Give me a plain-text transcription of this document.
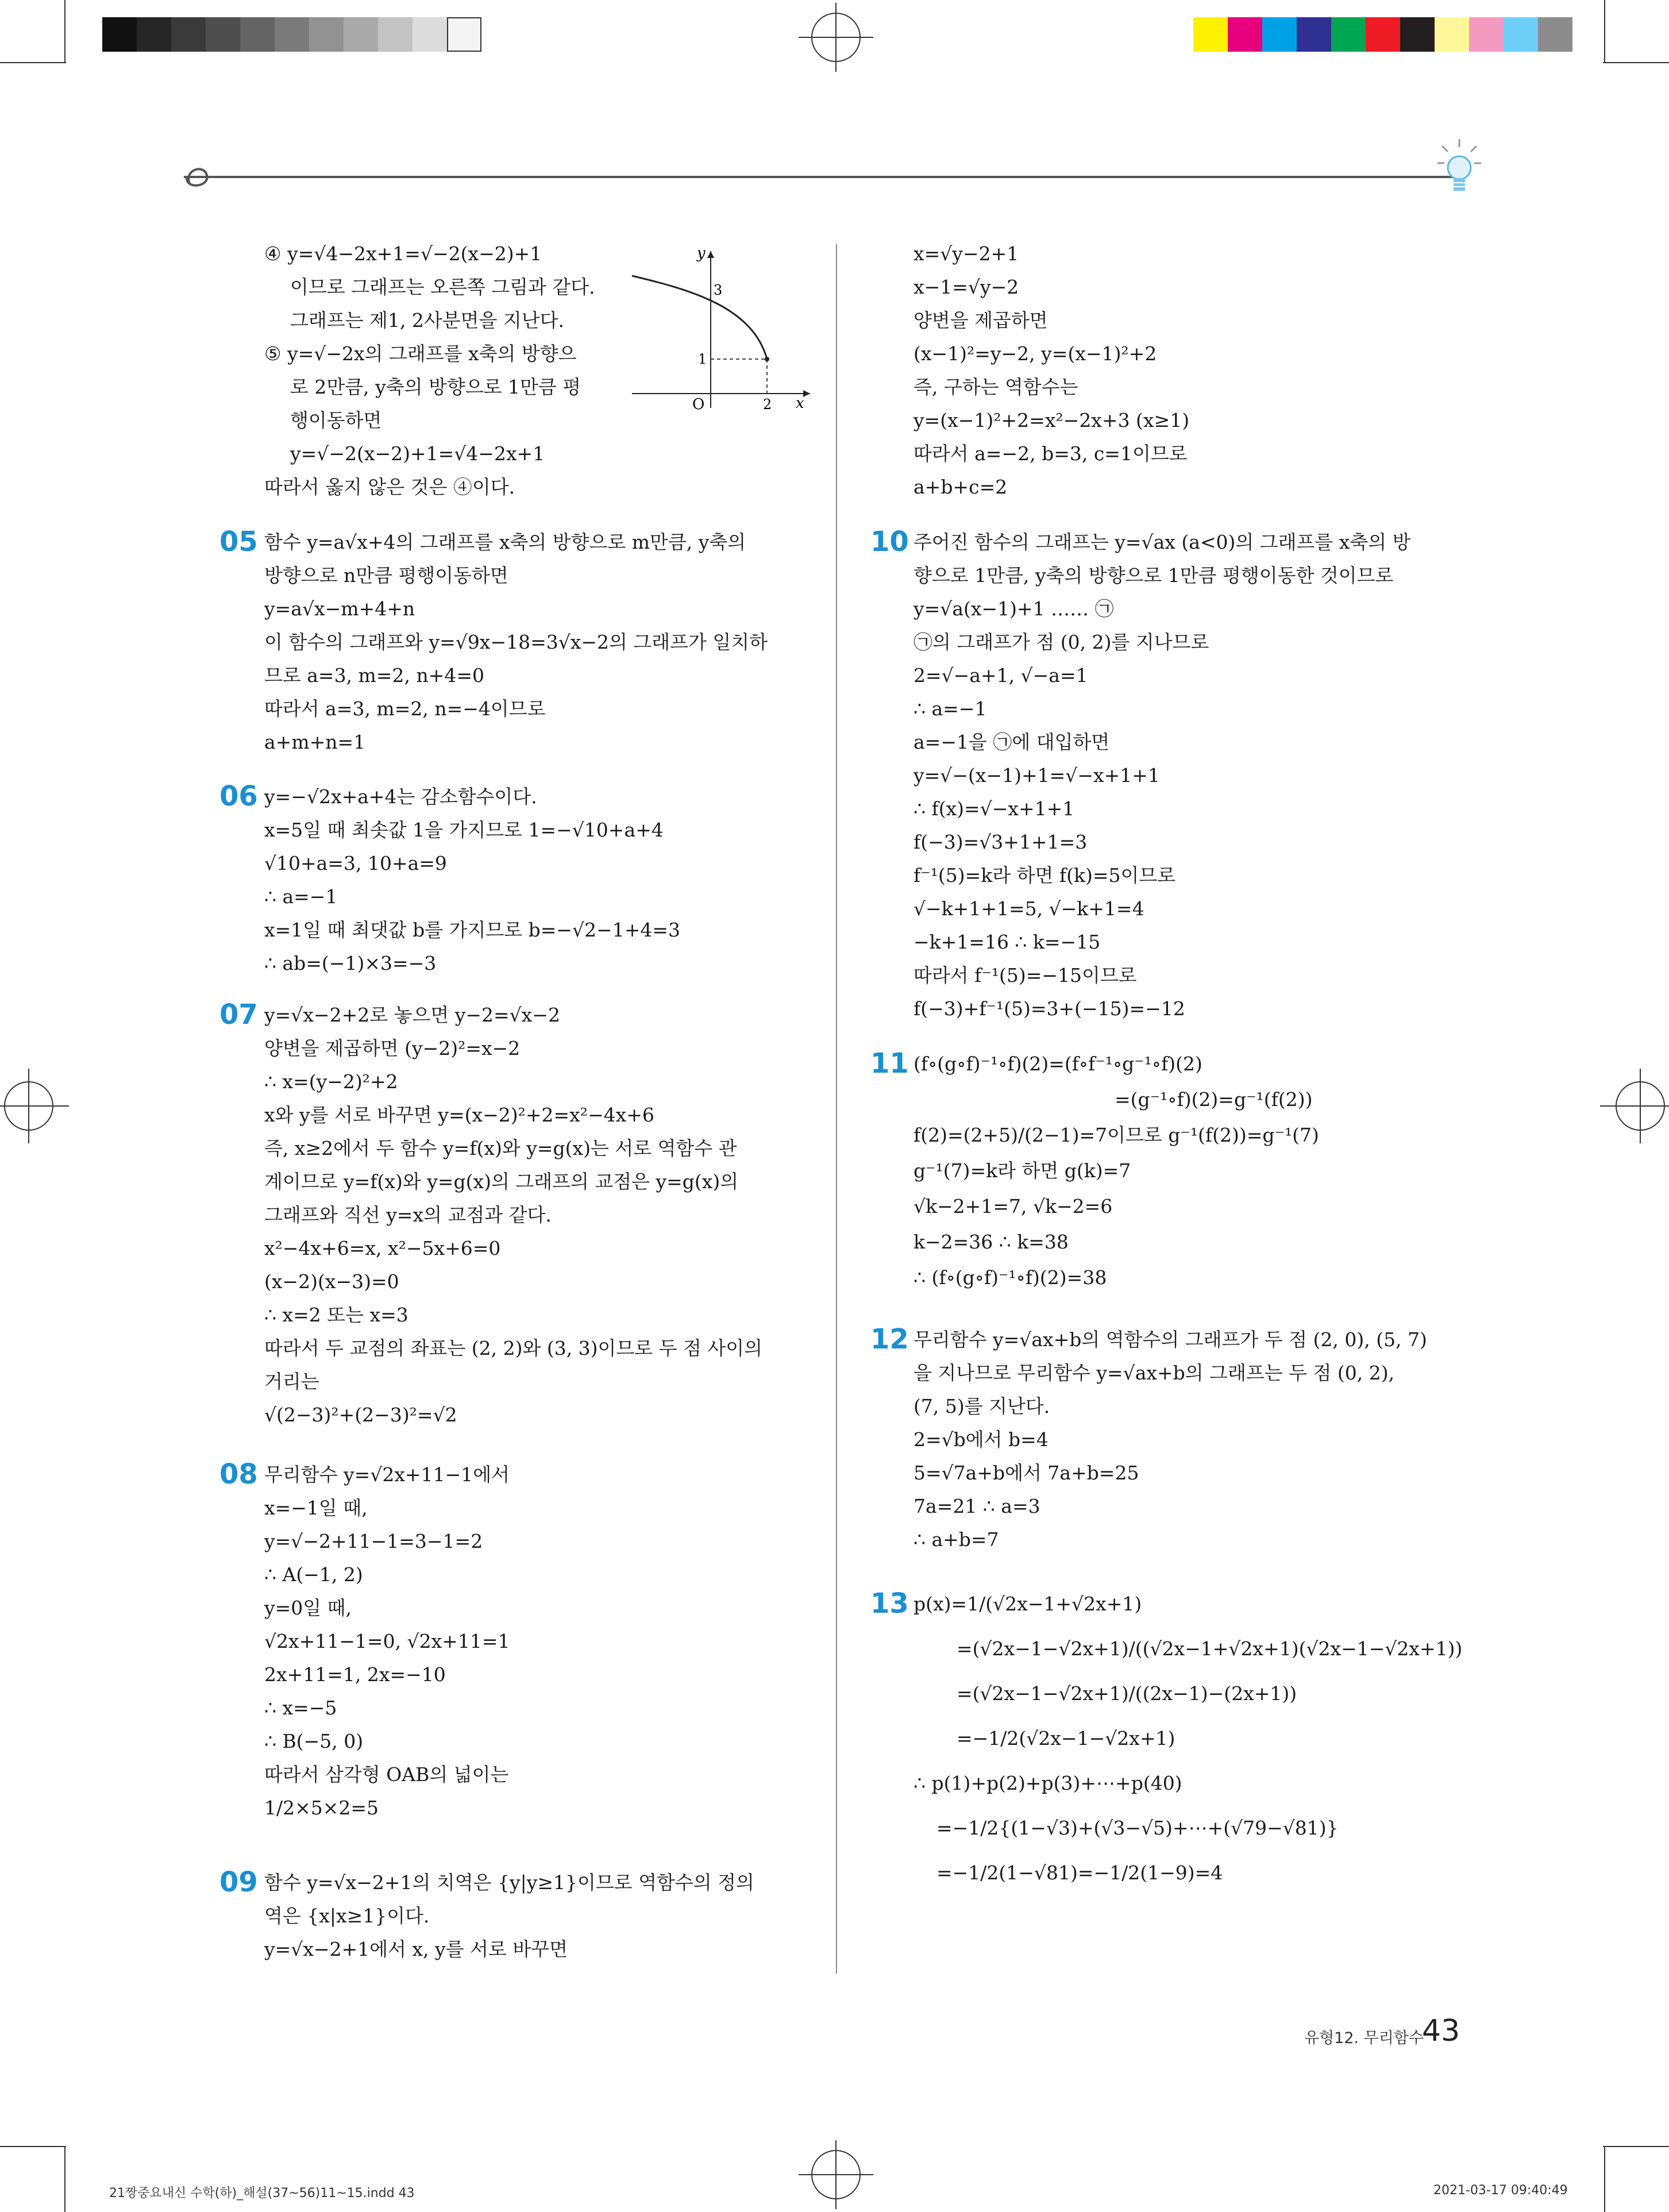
y
x
O
3
1
2
④ y=√4−2x+1=√−2(x−2)+1
이므로 그래프는 오른쪽 그림과 같다.
그래프는 제1, 2사분면을 지난다.
⑤ y=√−2x의 그래프를 x축의 방향으
로 2만큼, y축의 방향으로 1만큼 평
행이동하면
y=√−2(x−2)+1=√4−2x+1
따라서 옳지 않은 것은 ④이다.
05 함수 y=a√x+4의 그래프를 x축의 방향으로 m만큼, y축의
방향으로 n만큼 평행이동하면
y=a√x−m+4+n
이 함수의 그래프와 y=√9x−18=3√x−2의 그래프가 일치하
므로 a=3, m=2, n+4=0
따라서 a=3, m=2, n=−4이므로
a+m+n=1
06 y=−√2x+a+4는 감소함수이다.
x=5일 때 최솟값 1을 가지므로 1=−√10+a+4
√10+a=3, 10+a=9
∴ a=−1
x=1일 때 최댓값 b를 가지므로 b=−√2−1+4=3
∴ ab=(−1)×3=−3
07 y=√x−2+2로 놓으면 y−2=√x−2
양변을 제곱하면 (y−2)²=x−2
∴ x=(y−2)²+2
x와 y를 서로 바꾸면 y=(x−2)²+2=x²−4x+6
즉, x≥2에서 두 함수 y=f(x)와 y=g(x)는 서로 역함수 관
계이므로 y=f(x)와 y=g(x)의 그래프의 교점은 y=g(x)의
그래프와 직선 y=x의 교점과 같다.
x²−4x+6=x, x²−5x+6=0
(x−2)(x−3)=0
∴ x=2 또는 x=3
따라서 두 교점의 좌표는 (2, 2)와 (3, 3)이므로 두 점 사이의
거리는
√(2−3)²+(2−3)²=√2
08 무리함수 y=√2x+11−1에서
x=−1일 때,
y=√−2+11−1=3−1=2
∴ A(−1, 2)
y=0일 때,
√2x+11−1=0, √2x+11=1
2x+11=1, 2x=−10
∴ x=−5
∴ B(−5, 0)
따라서 삼각형 OAB의 넓이는
1/2×5×2=5
09 함수 y=√x−2+1의 치역은 {y|y≥1}이므로 역함수의 정의
역은 {x|x≥1}이다.
y=√x−2+1에서 x, y를 서로 바꾸면
x=√y−2+1
x−1=√y−2
양변을 제곱하면
(x−1)²=y−2, y=(x−1)²+2
즉, 구하는 역함수는
y=(x−1)²+2=x²−2x+3 (x≥1)
따라서 a=−2, b=3, c=1이므로
a+b+c=2
10 주어진 함수의 그래프는 y=√ax (a<0)의 그래프를 x축의 방
향으로 1만큼, y축의 방향으로 1만큼 평행이동한 것이므로
y=√a(x−1)+1 …… ㉠
㉠의 그래프가 점 (0, 2)를 지나므로
2=√−a+1, √−a=1
∴ a=−1
a=−1을 ㉠에 대입하면
y=√−(x−1)+1=√−x+1+1
∴ f(x)=√−x+1+1
f(−3)=√3+1+1=3
f⁻¹(5)=k라 하면 f(k)=5이므로
√−k+1+1=5, √−k+1=4
−k+1=16 ∴ k=−15
따라서 f⁻¹(5)=−15이므로
f(−3)+f⁻¹(5)=3+(−15)=−12
11 (f∘(g∘f)⁻¹∘f)(2)=(f∘f⁻¹∘g⁻¹∘f)(2)
=(g⁻¹∘f)(2)=g⁻¹(f(2))
f(2)=(2+5)/(2−1)=7이므로 g⁻¹(f(2))=g⁻¹(7)
g⁻¹(7)=k라 하면 g(k)=7
√k−2+1=7, √k−2=6
k−2=36 ∴ k=38
∴ (f∘(g∘f)⁻¹∘f)(2)=38
12 무리함수 y=√ax+b의 역함수의 그래프가 두 점 (2, 0), (5, 7)
을 지나므로 무리함수 y=√ax+b의 그래프는 두 점 (0, 2),
(7, 5)를 지난다.
2=√b에서 b=4
5=√7a+b에서 7a+b=25
7a=21 ∴ a=3
∴ a+b=7
13 p(x)=1/(√2x−1+√2x+1)
=(√2x−1−√2x+1)/((√2x−1+√2x+1)(√2x−1−√2x+1))
=(√2x−1−√2x+1)/((2x−1)−(2x+1))
=−1/2(√2x−1−√2x+1)
∴ p(1)+p(2)+p(3)+⋯+p(40)
=−1/2{(1−√3)+(√3−√5)+⋯+(√79−√81)}
=−1/2(1−√81)=−1/2(1−9)=4
유형12. 무리함수
43
21짱중요내신 수학(하)_해설(37~56)11~15.indd 43	2021-03-17 09:40:49
